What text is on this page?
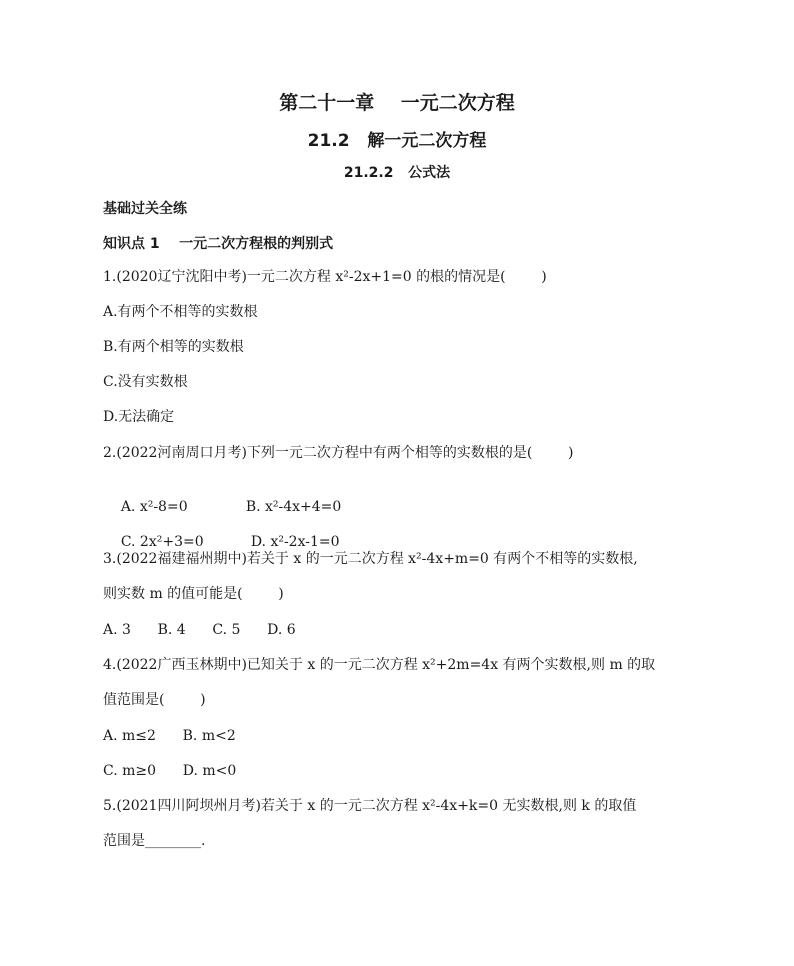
第二十一章    一元二次方程
21.2   解一元二次方程
21.2.2   公式法
基础过关全练
知识点 1    一元二次方程根的判别式
1.(2020辽宁沈阳中考)一元二次方程 x²-2x+1=0 的根的情况是(        )
A.有两个不相等的实数根
B.有两个相等的实数根
C.没有实数根
D.无法确定
2.(2022河南周口月考)下列一元二次方程中有两个相等的实数根的是(        )

A. x²-8=0	B. x²-4x+4=0

C. 2x²+3=0	D. x²-2x-1=0

3.(2022福建福州期中)若关于 x 的一元二次方程 x²-4x+m=0 有两个不相等的实数根,
则实数 m 的值可能是(        )
A. 3      B. 4      C. 5      D. 6
4.(2022广西玉林期中)已知关于 x 的一元二次方程 x²+2m=4x 有两个实数根,则 m 的取
值范围是(        )
A. m≤2      B. m<2
C. m≥0      D. m<0
5.(2021四川阿坝州月考)若关于 x 的一元二次方程 x²-4x+k=0 无实数根,则 k 的取值
范围是________.
